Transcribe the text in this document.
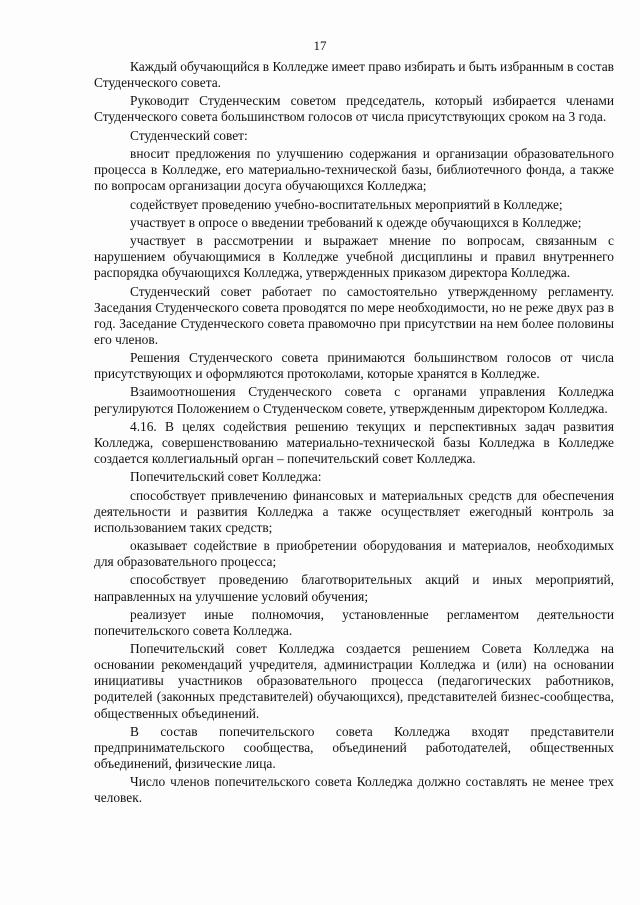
17

Каждый обучающийся в Колледже имеет право избирать и быть избранным в состав Студенческого совета.

Руководит Студенческим советом председатель, который избирается членами Студенческого совета большинством голосов от числа присутствующих сроком на 3 года.

Студенческий совет:

вносит предложения по улучшению содержания и организации образовательного процесса в Колледже, его материально-технической базы, библиотечного фонда, а также по вопросам организации досуга обучающихся Колледжа;

содействует проведению учебно-воспитательных мероприятий в Колледже;

участвует в опросе о введении требований к одежде обучающихся в Колледже;

участвует в рассмотрении и выражает мнение по вопросам, связанным с нарушением обучающимися в Колледже учебной дисциплины и правил внутреннего распорядка обучающихся Колледжа, утвержденных приказом директора Колледжа.

Студенческий совет работает по самостоятельно утвержденному регламенту. Заседания Студенческого совета проводятся по мере необходимости, но не реже двух раз в год. Заседание Студенческого совета правомочно при присутствии на нем более половины его членов.

Решения Студенческого совета принимаются большинством голосов от числа присутствующих и оформляются протоколами, которые хранятся в Колледже.

Взаимоотношения Студенческого совета с органами управления Колледжа регулируются Положением о Студенческом совете, утвержденным директором Колледжа.

4.16. В целях содействия решению текущих и перспективных задач развития Колледжа, совершенствованию материально-технической базы Колледжа в Колледже создается коллегиальный орган – попечительский совет Колледжа.

Попечительский совет Колледжа:

способствует привлечению финансовых и материальных средств для обеспечения деятельности и развития Колледжа а также осуществляет ежегодный контроль за использованием таких средств;

оказывает содействие в приобретении оборудования и материалов, необходимых для образовательного процесса;

способствует проведению благотворительных акций и иных мероприятий, направленных на улучшение условий обучения;

реализует иные полномочия, установленные регламентом деятельности попечительского совета Колледжа.

Попечительский совет Колледжа создается решением Совета Колледжа на основании рекомендаций учредителя, администрации Колледжа и (или) на основании инициативы участников образовательного процесса (педагогических работников, родителей (законных представителей) обучающихся), представителей бизнес-сообщества, общественных объединений.

В состав попечительского совета Колледжа входят представители предпринимательского сообщества, объединений работодателей, общественных объединений, физические лица.

Число членов попечительского совета Колледжа должно составлять не менее трех человек.
